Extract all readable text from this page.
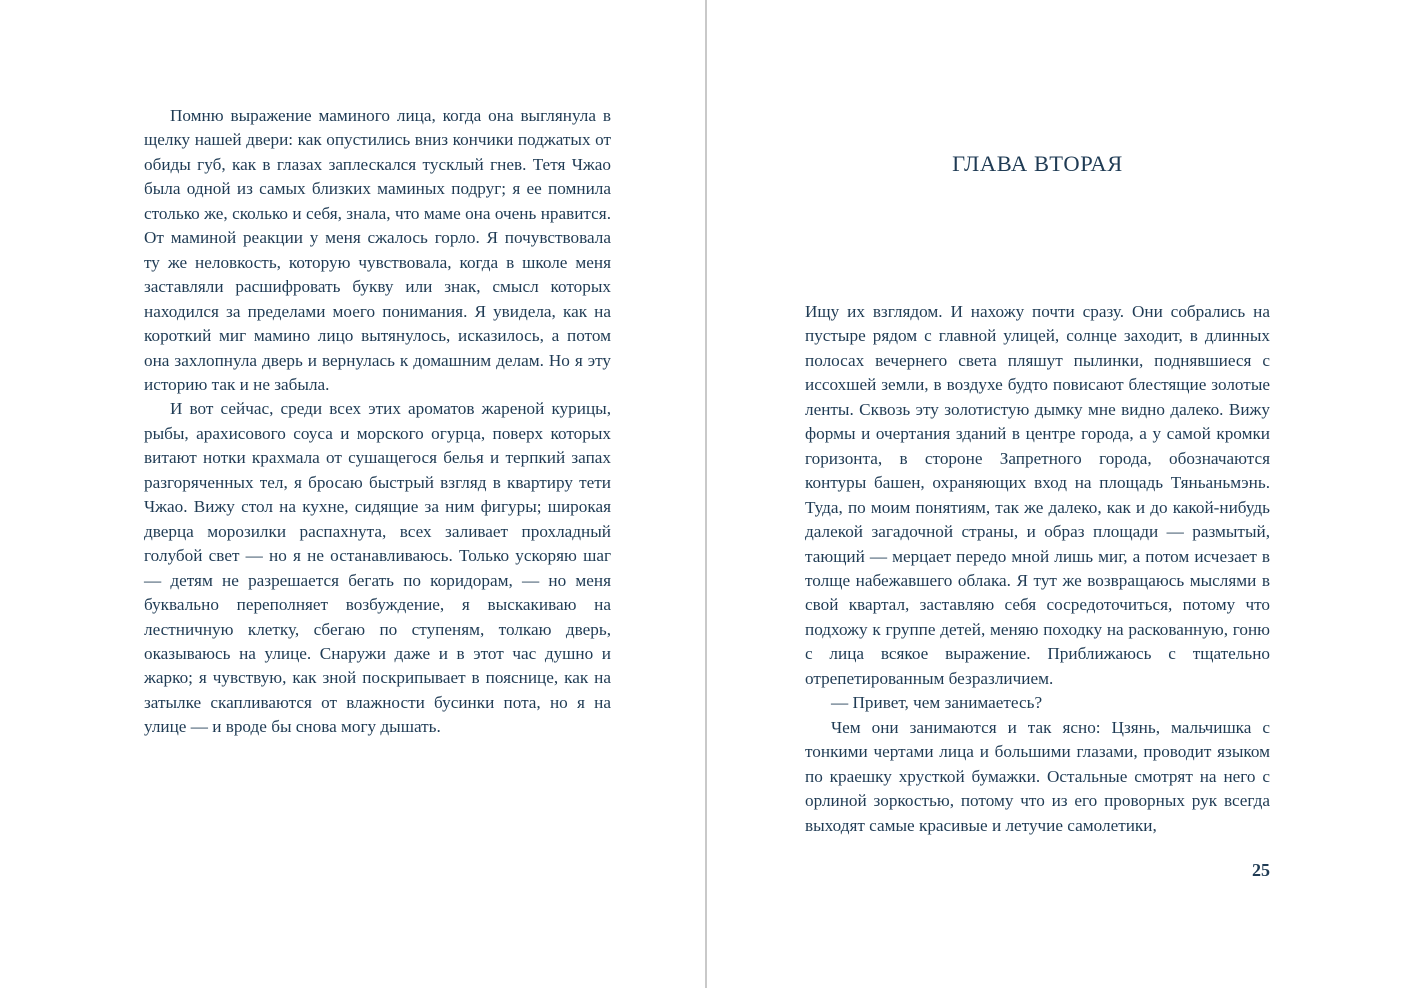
Помню выражение маминого лица, когда она выглянула в щелку нашей двери: как опустились вниз кончики поджатых от обиды губ, как в глазах заплескался тусклый гнев. Тетя Чжао была одной из самых близких маминых подруг; я ее помнила столько же, сколько и себя, знала, что маме она очень нравится. От маминой реакции у меня сжалось горло. Я почувствовала ту же неловкость, которую чувствовала, когда в школе меня заставляли расшифровать букву или знак, смысл которых находился за пределами моего понимания. Я увидела, как на короткий миг мамино лицо вытянулось, исказилось, а потом она захлопнула дверь и вернулась к домашним делам. Но я эту историю так и не забыла.

И вот сейчас, среди всех этих ароматов жареной курицы, рыбы, арахисового соуса и морского огурца, поверх которых витают нотки крахмала от сушащегося белья и терпкий запах разгоряченных тел, я бросаю быстрый взгляд в квартиру тети Чжао. Вижу стол на кухне, сидящие за ним фигуры; широкая дверца морозилки распахнута, всех заливает прохладный голубой свет — но я не останавливаюсь. Только ускоряю шаг — детям не разрешается бегать по коридорам, — но меня буквально переполняет возбуждение, я выскакиваю на лестничную клетку, сбегаю по ступеням, толкаю дверь, оказываюсь на улице. Снаружи даже и в этот час душно и жарко; я чувствую, как зной поскрипывает в пояснице, как на затылке скапливаются от влажности бусинки пота, но я на улице — и вроде бы снова могу дышать.

ГЛАВА ВТОРАЯ

Ищу их взглядом. И нахожу почти сразу. Они собрались на пустыре рядом с главной улицей, солнце заходит, в длинных полосах вечернего света пляшут пылинки, поднявшиеся с иссохшей земли, в воздухе будто повисают блестящие золотые ленты. Сквозь эту золотистую дымку мне видно далеко. Вижу формы и очертания зданий в центре города, а у самой кромки горизонта, в стороне Запретного города, обозначаются контуры башен, охраняющих вход на площадь Тяньаньмэнь. Туда, по моим понятиям, так же далеко, как и до какой-нибудь далекой загадочной страны, и образ площади — размытый, тающий — мерцает передо мной лишь миг, а потом исчезает в толще набежавшего облака. Я тут же возвращаюсь мыслями в свой квартал, заставляю себя сосредоточиться, потому что подхожу к группе детей, меняю походку на раскованную, гоню с лица всякое выражение. Приближаюсь с тщательно отрепетированным безразличием.

— Привет, чем занимаетесь?

Чем они занимаются и так ясно: Цзянь, мальчишка с тонкими чертами лица и большими глазами, проводит языком по краешку хрусткой бумажки. Остальные смотрят на него с орлиной зоркостью, потому что из его проворных рук всегда выходят самые красивые и летучие самолетики,

25
